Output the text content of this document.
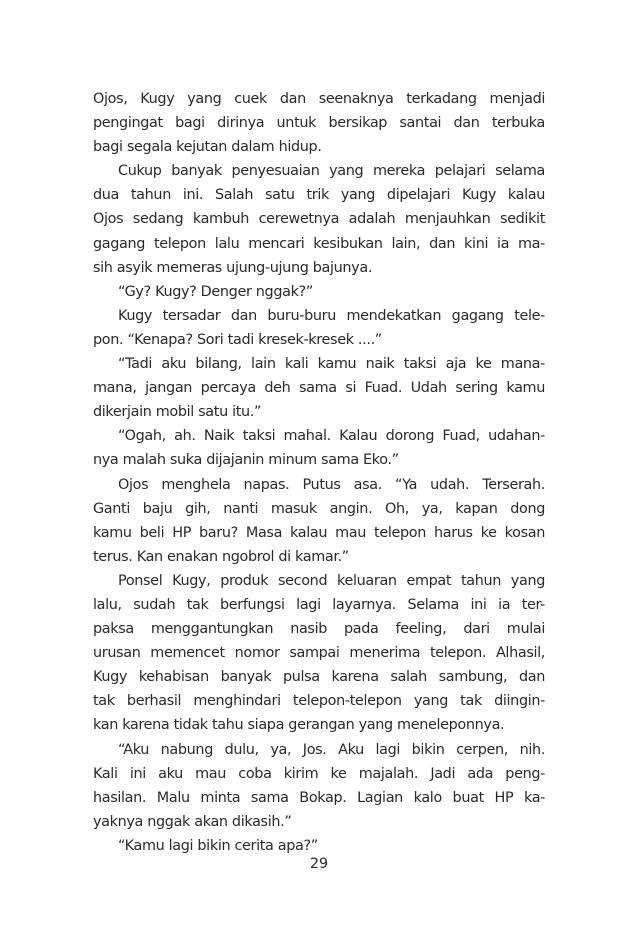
Ojos, Kugy yang cuek dan seenaknya terkadang menjadi
pengingat bagi dirinya untuk bersikap santai dan terbuka
bagi segala kejutan dalam hidup.
Cukup banyak penyesuaian yang mereka pelajari selama
dua tahun ini. Salah satu trik yang dipelajari Kugy kalau
Ojos sedang kambuh cerewetnya adalah menjauhkan sedikit
gagang telepon lalu mencari kesibukan lain, dan kini ia ma-
sih asyik memeras ujung-ujung bajunya.
“Gy? Kugy? Denger nggak?”
Kugy tersadar dan buru-buru mendekatkan gagang tele-
pon. “Kenapa? Sori tadi kresek-kresek ....”
“Tadi aku bilang, lain kali kamu naik taksi aja ke mana-
mana, jangan percaya deh sama si Fuad. Udah sering kamu
dikerjain mobil satu itu.”
“Ogah, ah. Naik taksi mahal. Kalau dorong Fuad, udahan-
nya malah suka dijajanin minum sama Eko.”
Ojos menghela napas. Putus asa. “Ya udah. Terserah.
Ganti baju gih, nanti masuk angin. Oh, ya, kapan dong
kamu beli HP baru? Masa kalau mau telepon harus ke kosan
terus. Kan enakan ngobrol di kamar.”
Ponsel Kugy, produk second keluaran empat tahun yang
lalu, sudah tak berfungsi lagi layarnya. Selama ini ia ter-
paksa menggantungkan nasib pada feeling, dari mulai
urusan memencet nomor sampai menerima telepon. Alhasil,
Kugy kehabisan banyak pulsa karena salah sambung, dan
tak berhasil menghindari telepon-telepon yang tak diingin-
kan karena tidak tahu siapa gerangan yang meneleponnya.
“Aku nabung dulu, ya, Jos. Aku lagi bikin cerpen, nih.
Kali ini aku mau coba kirim ke majalah. Jadi ada peng-
hasilan. Malu minta sama Bokap. Lagian kalo buat HP ka-
yaknya nggak akan dikasih.”
“Kamu lagi bikin cerita apa?”
29
